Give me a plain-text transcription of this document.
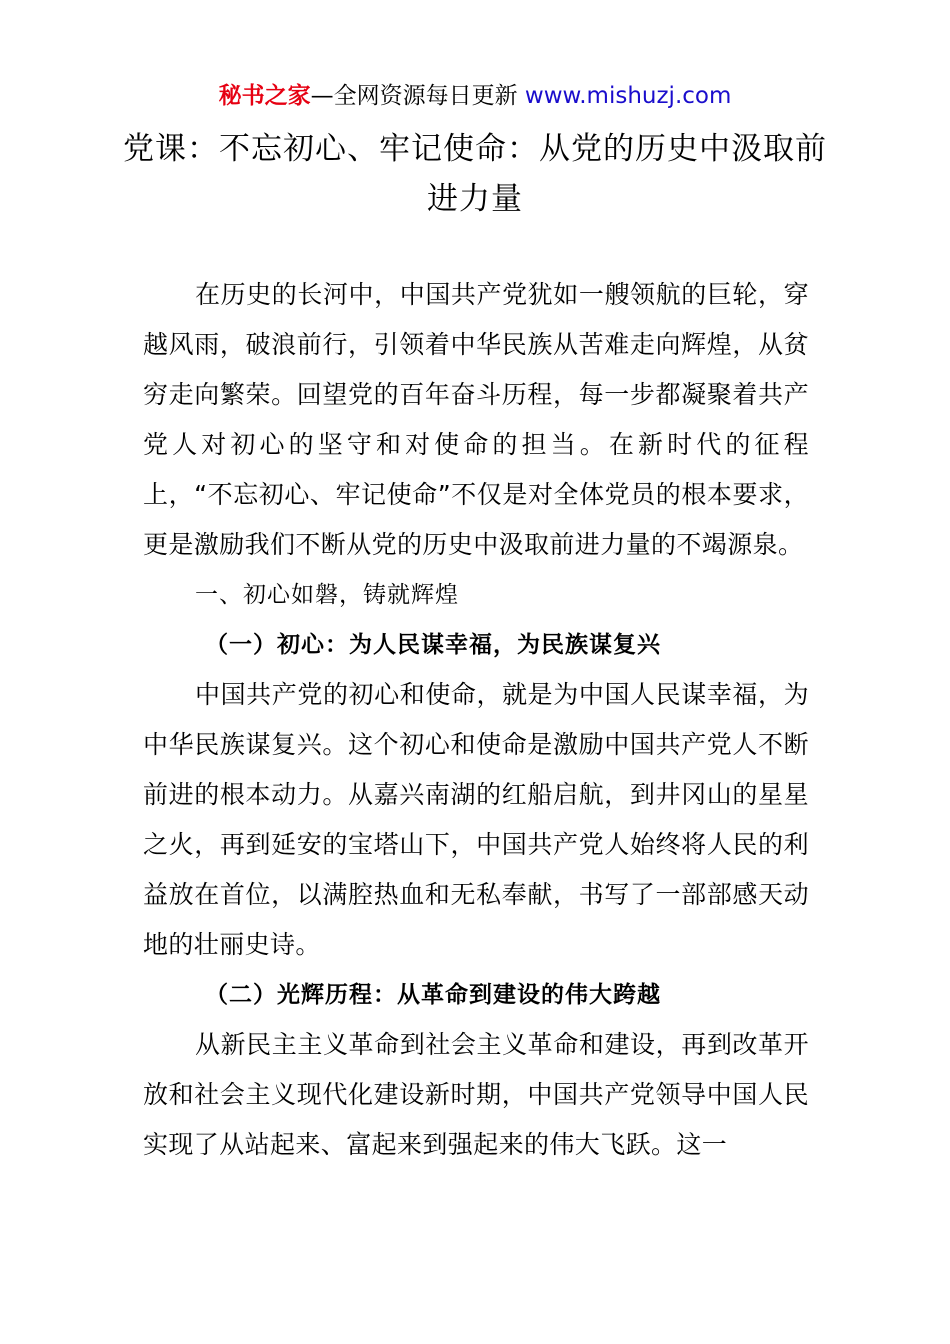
秘书之家—全网资源每日更新 www.mishuzj.com
党课：不忘初心、牢记使命：从党的历史中汲取前进力量

在历史的长河中，中国共产党犹如一艘领航的巨轮，穿越风雨，破浪前行，引领着中华民族从苦难走向辉煌，从贫穷走向繁荣。回望党的百年奋斗历程，每一步都凝聚着共产党人对初心的坚守和对使命的担当。在新时代的征程上，“不忘初心、牢记使命”不仅是对全体党员的根本要求，更是激励我们不断从党的历史中汲取前进力量的不竭源泉。

一、初心如磐，铸就辉煌

（一）初心：为人民谋幸福，为民族谋复兴

中国共产党的初心和使命，就是为中国人民谋幸福，为中华民族谋复兴。这个初心和使命是激励中国共产党人不断前进的根本动力。从嘉兴南湖的红船启航，到井冈山的星星之火，再到延安的宝塔山下，中国共产党人始终将人民的利益放在首位，以满腔热血和无私奉献，书写了一部部感天动地的壮丽史诗。

（二）光辉历程：从革命到建设的伟大跨越

从新民主主义革命到社会主义革命和建设，再到改革开放和社会主义现代化建设新时期，中国共产党领导中国人民实现了从站起来、富起来到强起来的伟大飞跃。这一
